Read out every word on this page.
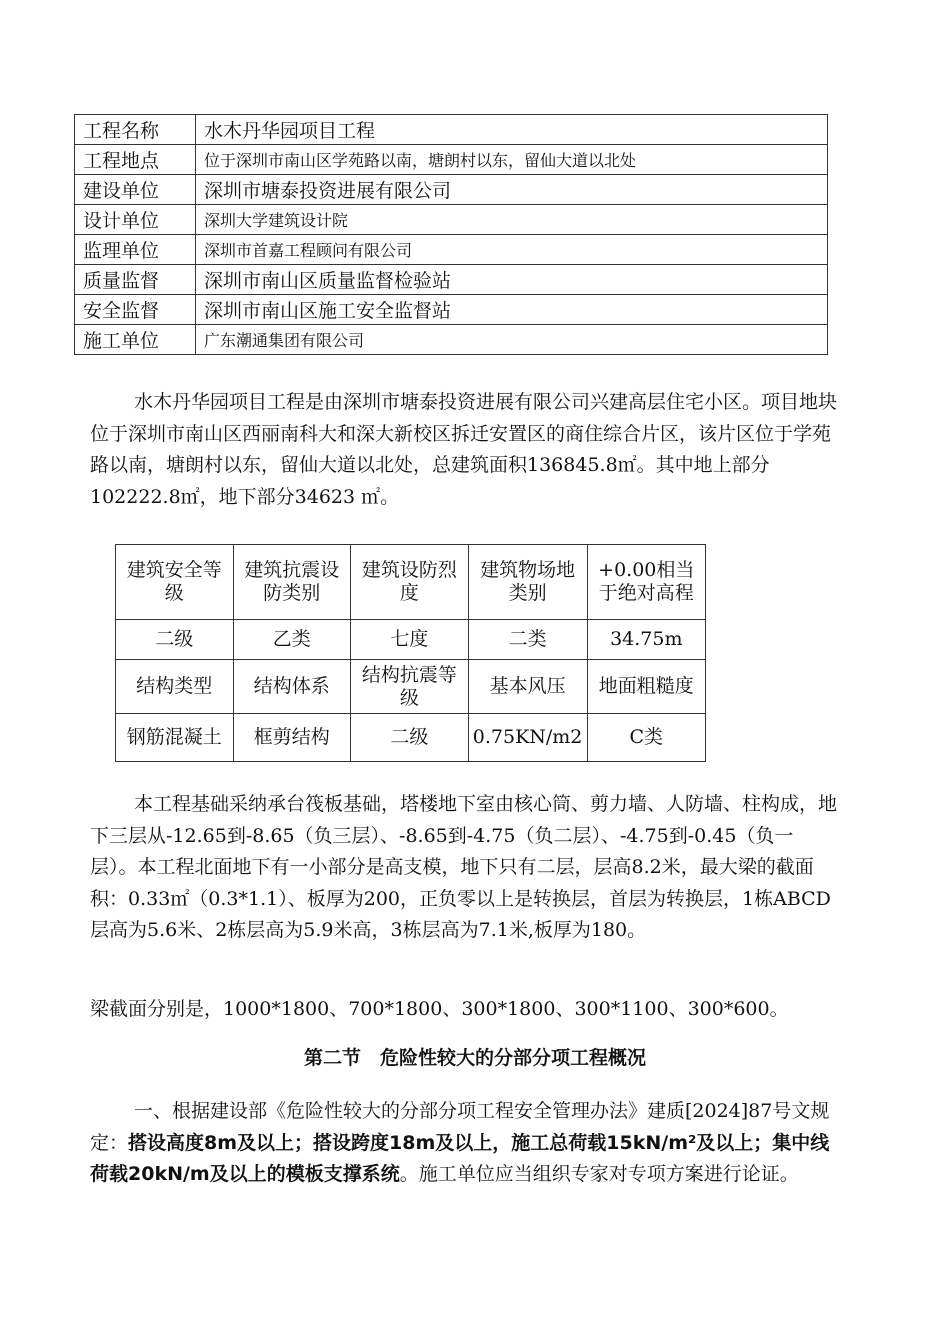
工程名称	水木丹华园项目工程
工程地点	位于深圳市南山区学苑路以南，塘朗村以东，留仙大道以北处
建设单位	深圳市塘泰投资进展有限公司
设计单位	深圳大学建筑设计院
监理单位	深圳市首嘉工程顾问有限公司
质量监督	深圳市南山区质量监督检验站
安全监督	深圳市南山区施工安全监督站
施工单位	广东潮通集团有限公司

水木丹华园项目工程是由深圳市塘泰投资进展有限公司兴建高层住宅小区。项目地块位于深圳市南山区西丽南科大和深大新校区拆迁安置区的商住综合片区，该片区位于学苑路以南，塘朗村以东，留仙大道以北处，总建筑面积136845.8㎡。其中地上部分102222.8㎡，地下部分34623 ㎡。

建筑安全等级	建筑抗震设防类别	建筑设防烈度	建筑物场地类别	+0.00相当于绝对高程
二级	乙类	七度	二类	34.75m
结构类型	结构体系	结构抗震等级	基本风压	地面粗糙度
钢筋混凝土	框剪结构	二级	0.75KN/m2	C类

本工程基础采纳承台筏板基础，塔楼地下室由核心筒、剪力墙、人防墙、柱构成，地下三层从-12.65到-8.65（负三层）、-8.65到-4.75（负二层）、-4.75到-0.45（负一层）。本工程北面地下有一小部分是高支模，地下只有二层，层高8.2米，最大梁的截面积：0.33㎡（0.3*1.1）、板厚为200，正负零以上是转换层，首层为转换层，1栋ABCD层高为5.6米、2栋层高为5.9米高，3栋层高为7.1米,板厚为180。

梁截面分别是，1000*1800、700*1800、300*1800、300*1100、300*600。

第二节　危险性较大的分部分项工程概况

一、根据建设部《危险性较大的分部分项工程安全管理办法》建质[2024]87号文规定：搭设高度8m及以上；搭设跨度18m及以上，施工总荷载15kN/m²及以上；集中线荷载20kN/m及以上的模板支撑系统。施工单位应当组织专家对专项方案进行论证。
